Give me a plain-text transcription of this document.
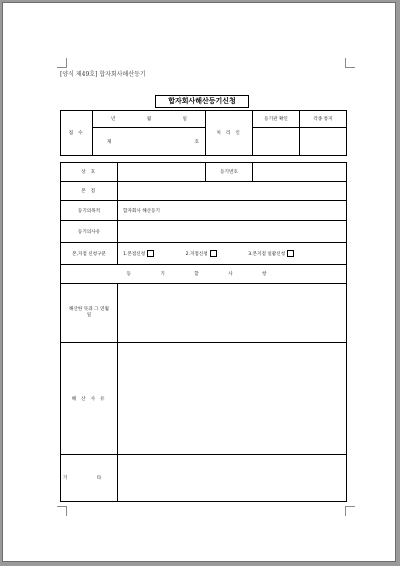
[양식 제49호] 합자회사해산등기
합자회사해산등기신청
접 수	년 월 일	처 리 인	등기관 확인	각종 통지

	제 호			

상 호		등기번호	
본 점			
등기의목적	합자회사 해산등기		
등기의사유			
본,지점 신청구분	1.본점신청
2.지점신청
3.본지점 일괄신청		

등 기 할 사 항			
해산한 뜻과 그 연월일			
해 산 사 유			
기 타			
